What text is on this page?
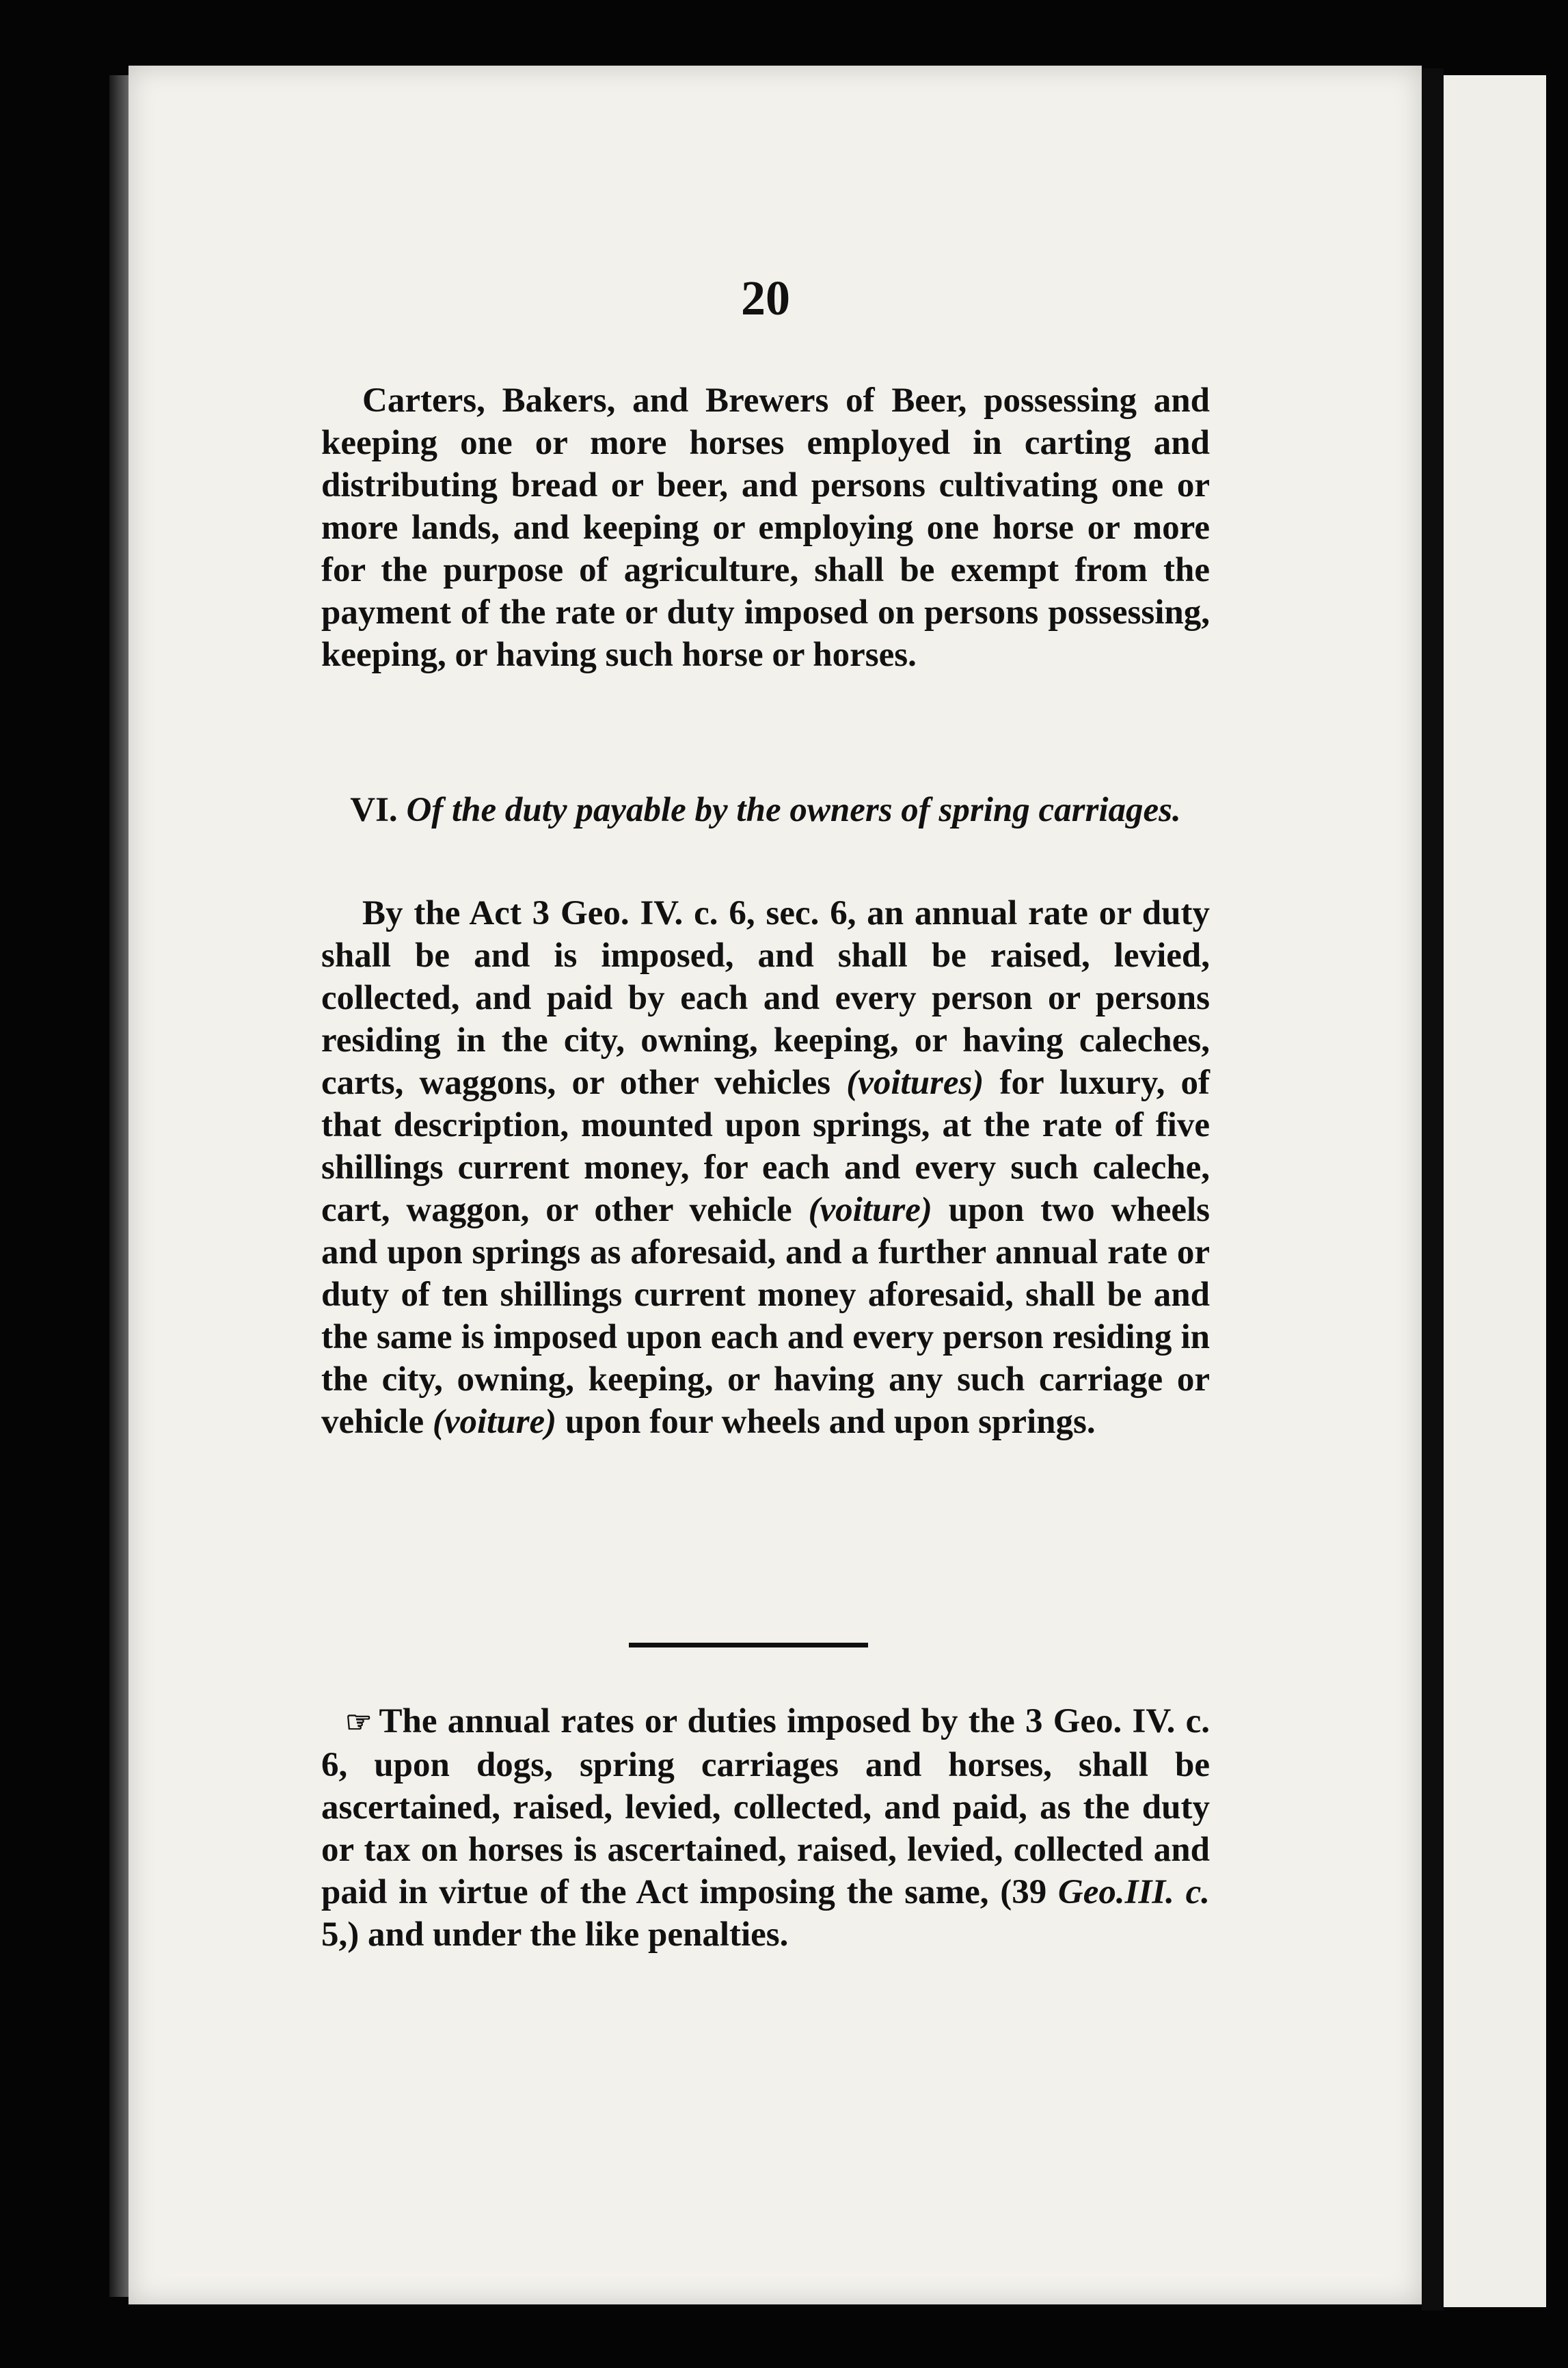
20

Carters, Bakers, and Brewers of Beer, possessing and keeping one or more horses employed in carting and distributing bread or beer, and persons cultivating one or more lands, and keeping or employing one horse or more for the purpose of agriculture, shall be exempt from the payment of the rate or duty imposed on persons possessing, keeping, or having such horse or horses.

VI. Of the duty payable by the owners of spring carriages.

By the Act 3 Geo. IV. c. 6, sec. 6, an annual rate or duty shall be and is imposed, and shall be raised, levied, collected, and paid by each and every person or persons residing in the city, owning, keeping, or having caleches, carts, waggons, or other vehicles (voitures) for luxury, of that description, mounted upon springs, at the rate of five shillings current money, for each and every such caleche, cart, waggon, or other vehicle (voiture) upon two wheels and upon springs as aforesaid, and a further annual rate or duty of ten shillings current money aforesaid, shall be and the same is imposed upon each and every person residing in the city, owning, keeping, or having any such carriage or vehicle (voiture) upon four wheels and upon springs.

☞ The annual rates or duties imposed by the 3 Geo. IV. c. 6, upon dogs, spring carriages and horses, shall be ascertained, raised, levied, collected, and paid, as the duty or tax on horses is ascertained, raised, levied, collected and paid in virtue of the Act imposing the same, (39 Geo.III. c. 5,) and under the like penalties.
